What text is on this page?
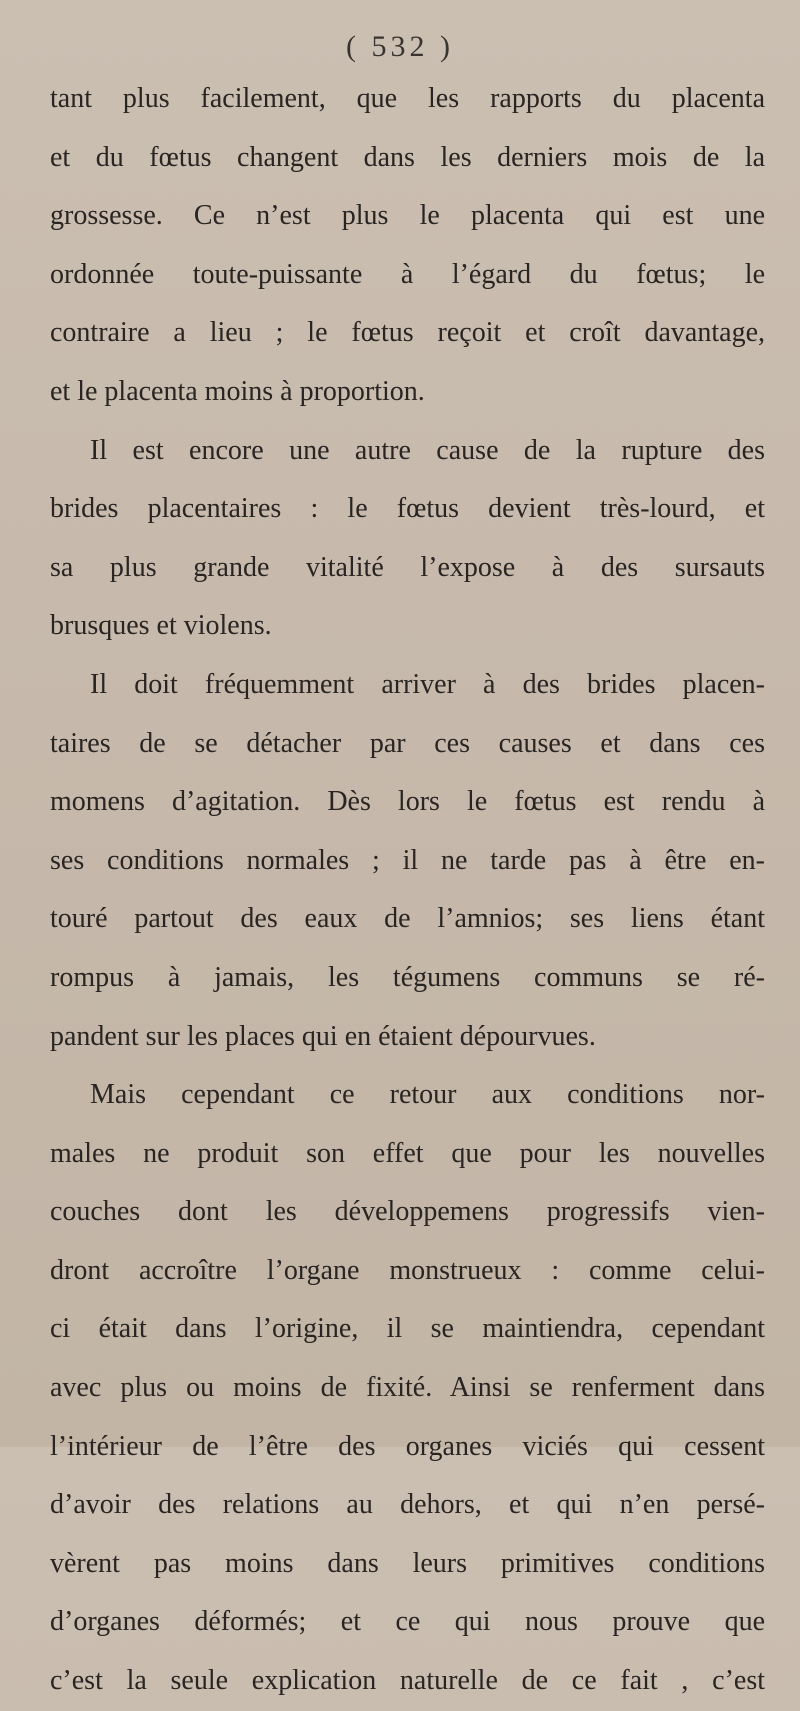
( 532 )
tant plus facilement, que les rapports du placenta
et du fœtus changent dans les derniers mois de la
grossesse. Ce n’est plus le placenta qui est une
ordonnée toute-puissante à l’égard du fœtus; le
contraire a lieu ; le fœtus reçoit et croît davantage,
et le placenta moins à proportion.
Il est encore une autre cause de la rupture des
brides placentaires : le fœtus devient très-lourd, et
sa plus grande vitalité l’expose à des sursauts
brusques et violens.
Il doit fréquemment arriver à des brides placen-
taires de se détacher par ces causes et dans ces
momens d’agitation. Dès lors le fœtus est rendu à
ses conditions normales ; il ne tarde pas à être en-
touré partout des eaux de l’amnios; ses liens étant
rompus à jamais, les tégumens communs se ré-
pandent sur les places qui en étaient dépourvues.
Mais cependant ce retour aux conditions nor-
males ne produit son effet que pour les nouvelles
couches dont les développemens progressifs vien-
dront accroître l’organe monstrueux : comme celui-
ci était dans l’origine, il se maintiendra, cependant
avec plus ou moins de fixité. Ainsi se renferment dans
l’intérieur de l’être des organes viciés qui cessent
d’avoir des relations au dehors, et qui n’en persé-
vèrent pas moins dans leurs primitives conditions
d’organes déformés; et ce qui nous prouve que
c’est la seule explication naturelle de ce fait , c’est
